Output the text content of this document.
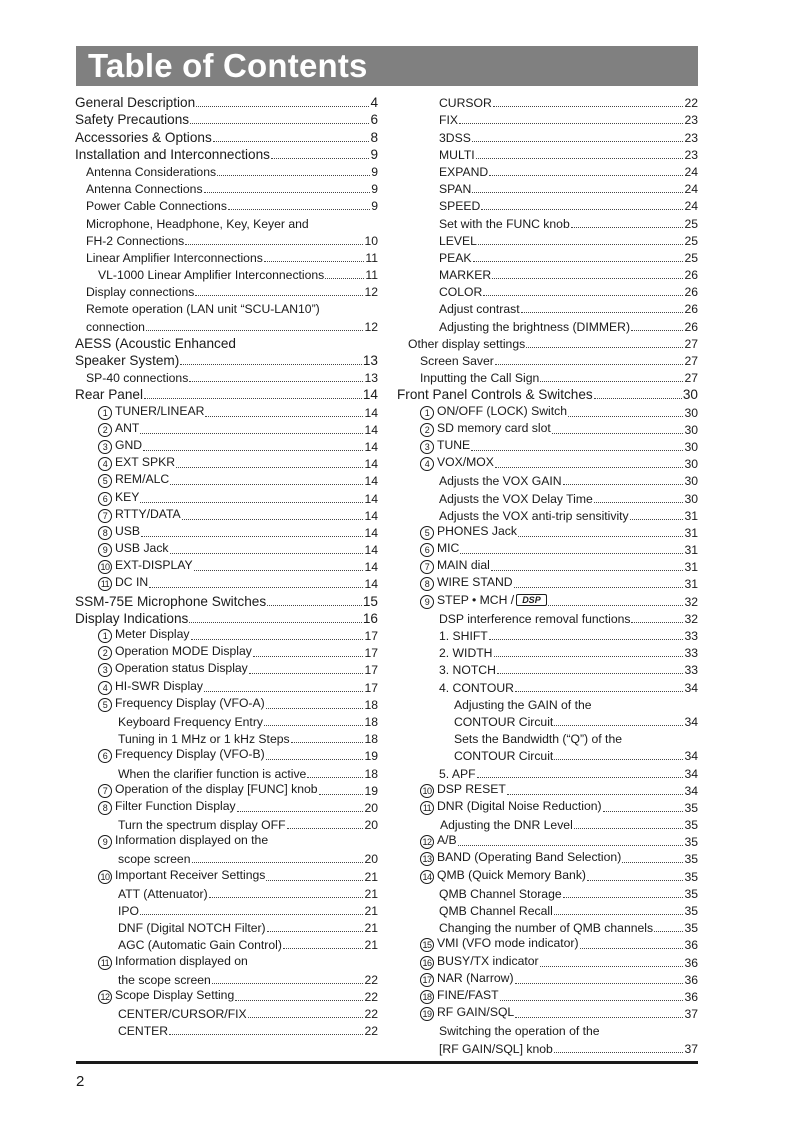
Table of Contents
General Description	4
Safety Precautions	6
Accessories & Options	8
Installation and Interconnections	9
Antenna Considerations	9
Antenna Connections	9
Power Cable Connections	9
Microphone, Headphone, Key, Keyer and
FH-2 Connections	10
Linear Amplifier Interconnections	11
VL-1000 Linear Amplifier Interconnections	11
Display connections	12
Remote operation (LAN unit “SCU-LAN10”)
connection	12
AESS (Acoustic Enhanced
Speaker System)	13
SP-40 connections	13
Rear Panel	14
1 TUNER/LINEAR	14
2 ANT	14
3 GND	14
4 EXT SPKR	14
5 REM/ALC	14
6 KEY	14
7 RTTY/DATA	14
8 USB	14
9 USB Jack	14
10 EXT-DISPLAY	14
11 DC IN	14
SSM-75E Microphone Switches	15
Display Indications	16
1 Meter Display	17
2 Operation MODE Display	17
3 Operation status Display	17
4 HI-SWR Display	17
5 Frequency Display (VFO-A)	18
Keyboard Frequency Entry	18
Tuning in 1 MHz or 1 kHz Steps	18
6 Frequency Display (VFO-B)	19
When the clarifier function is active	18
7 Operation of the display [FUNC] knob	19
8 Filter Function Display	20
Turn the spectrum display OFF	20
9 Information displayed on the
scope screen	20
10 Important Receiver Settings	21
ATT (Attenuator)	21
IPO	21
DNF (Digital NOTCH Filter)	21
AGC (Automatic Gain Control)	21
11 Information displayed on
the scope screen	22
12 Scope Display Setting	22
CENTER/CURSOR/FIX	22
CENTER	22
CURSOR	22
FIX	23
3DSS	23
MULTI	23
EXPAND	24
SPAN	24
SPEED	24
Set with the FUNC knob	25
LEVEL	25
PEAK	25
MARKER	26
COLOR	26
Adjust contrast	26
Adjusting the brightness (DIMMER)	26
Other display settings	27
Screen Saver	27
Inputting the Call Sign	27
Front Panel Controls & Switches	30
1 ON/OFF (LOCK) Switch	30
2 SD memory card slot	30
3 TUNE	30
4 VOX/MOX	30
Adjusts the VOX GAIN	30
Adjusts the VOX Delay Time	30
Adjusts the VOX anti-trip sensitivity	31
5 PHONES Jack	31
6 MIC	31
7 MAIN dial	31
8 WIRE STAND	31
9 STEP • MCH / DSP	32
DSP interference removal functions	32
1. SHIFT	33
2. WIDTH	33
3. NOTCH	33
4. CONTOUR	34
Adjusting the GAIN of the
CONTOUR Circuit	34
Sets the Bandwidth (“Q”) of the
CONTOUR Circuit	34
5. APF	34
10 DSP RESET	34
11 DNR (Digital Noise Reduction)	35
Adjusting the DNR Level	35
12 A/B	35
13 BAND (Operating Band Selection)	35
14 QMB (Quick Memory Bank)	35
QMB Channel Storage	35
QMB Channel Recall	35
Changing the number of QMB channels	35
15 VMI (VFO mode indicator)	36
16 BUSY/TX indicator	36
17 NAR (Narrow)	36
18 FINE/FAST	36
19 RF GAIN/SQL	37
Switching the operation of the
[RF GAIN/SQL] knob	37
2
